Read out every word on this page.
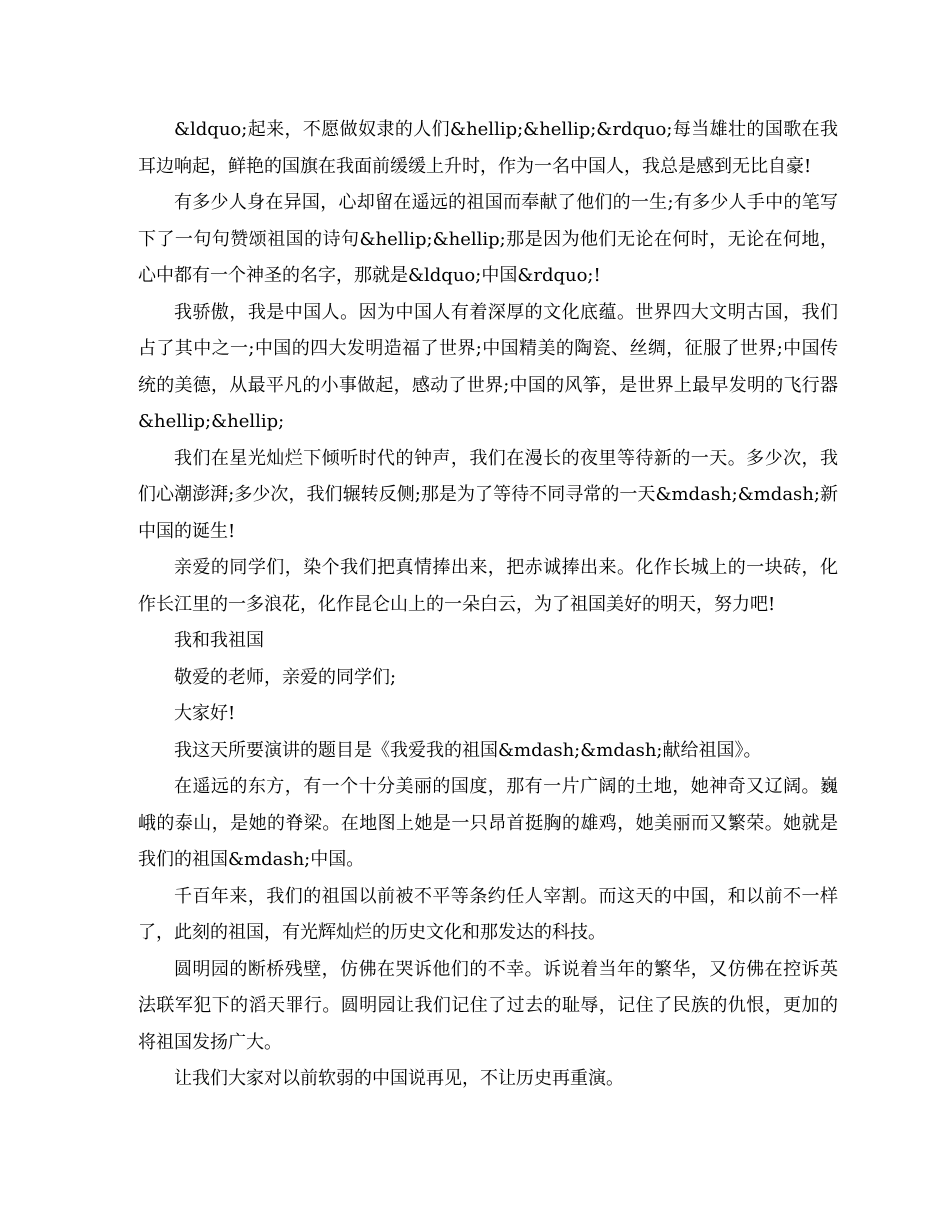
&ldquo;起来，不愿做奴隶的人们&hellip;&hellip;&rdquo;每当雄壮的国歌在我耳边响起，鲜艳的国旗在我面前缓缓上升时，作为一名中国人，我总是感到无比自豪!

有多少人身在异国，心却留在遥远的祖国而奉献了他们的一生;有多少人手中的笔写下了一句句赞颂祖国的诗句&hellip;&hellip;那是因为他们无论在何时，无论在何地，心中都有一个神圣的名字，那就是&ldquo;中国&rdquo;!

我骄傲，我是中国人。因为中国人有着深厚的文化底蕴。世界四大文明古国，我们占了其中之一;中国的四大发明造福了世界;中国精美的陶瓷、丝绸，征服了世界;中国传统的美德，从最平凡的小事做起，感动了世界;中国的风筝，是世界上最早发明的飞行器&hellip;&hellip;

我们在星光灿烂下倾听时代的钟声，我们在漫长的夜里等待新的一天。多少次，我们心潮澎湃;多少次，我们辗转反侧;那是为了等待不同寻常的一天&mdash;&mdash;新中国的诞生!

亲爱的同学们，染个我们把真情捧出来，把赤诚捧出来。化作长城上的一块砖，化作长江里的一多浪花，化作昆仑山上的一朵白云，为了祖国美好的明天，努力吧!

我和我祖国

敬爱的老师，亲爱的同学们;

大家好!

我这天所要演讲的题目是《我爱我的祖国&mdash;&mdash;献给祖国》。

在遥远的东方，有一个十分美丽的国度，那有一片广阔的土地，她神奇又辽阔。巍峨的泰山，是她的脊梁。在地图上她是一只昂首挺胸的雄鸡，她美丽而又繁荣。她就是我们的祖国&mdash;中国。

千百年来，我们的祖国以前被不平等条约任人宰割。而这天的中国，和以前不一样了，此刻的祖国，有光辉灿烂的历史文化和那发达的科技。

圆明园的断桥残壁，仿佛在哭诉他们的不幸。诉说着当年的繁华，又仿佛在控诉英法联军犯下的滔天罪行。圆明园让我们记住了过去的耻辱，记住了民族的仇恨，更加的将祖国发扬广大。

让我们大家对以前软弱的中国说再见，不让历史再重演。
